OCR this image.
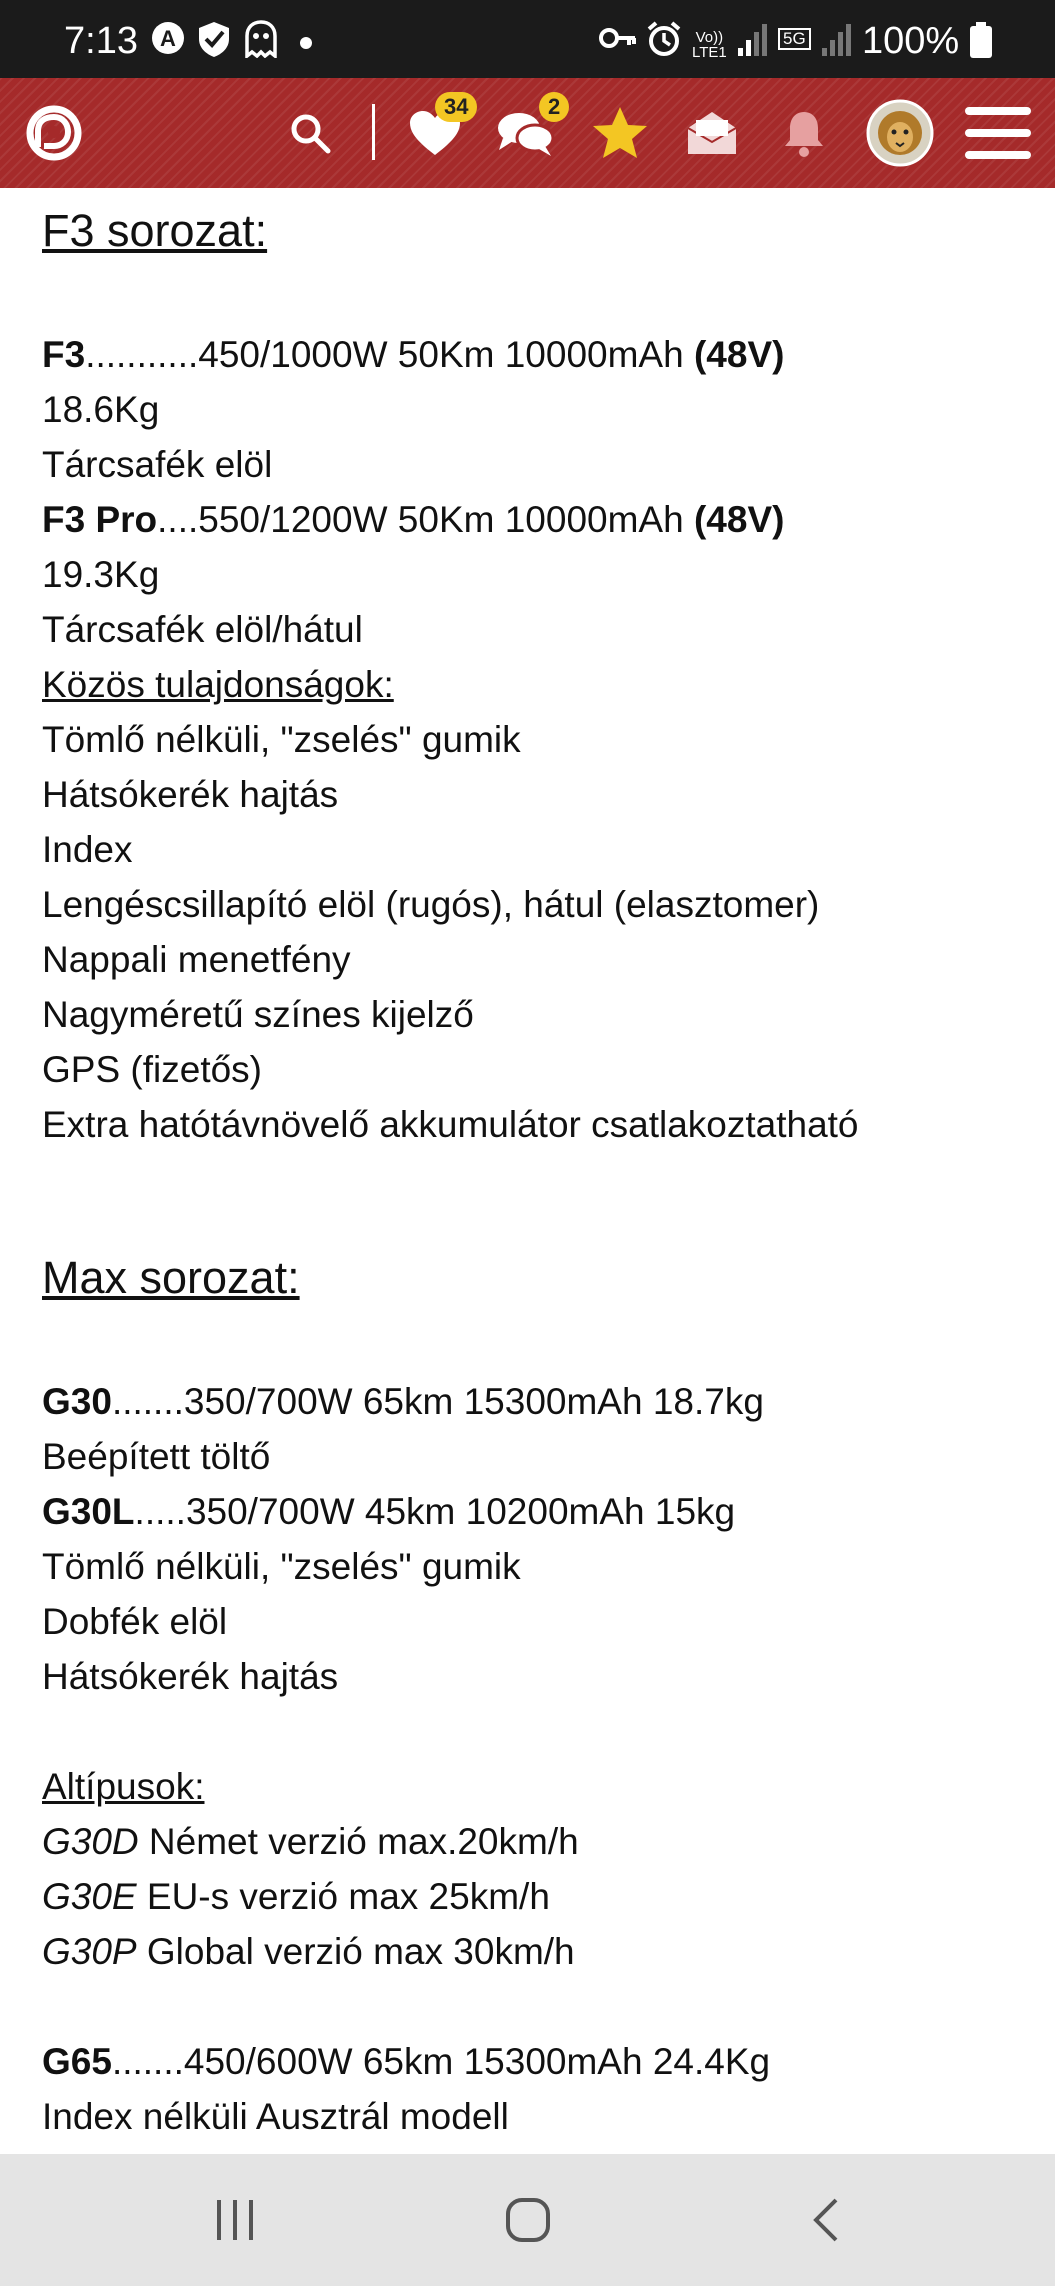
7:13 A	Vo))
LTE1
5G 100%
34	2
F3 sorozat:
F3...........450/1000W 50Km 10000mAh (48V)
18.6Kg
Tárcsafék elöl
F3 Pro....550/1200W 50Km 10000mAh (48V)
19.3Kg
Tárcsafék elöl/hátul
Közös tulajdonságok:
Tömlő nélküli, "zselés" gumik
Hátsókerék hajtás
Index
Lengéscsillapító elöl (rugós), hátul (elasztomer)
Nappali menetfény
Nagyméretű színes kijelző
GPS (fizetős)
Extra hatótávnövelő akkumulátor csatlakoztatható
Max sorozat:
G30.......350/700W 65km 15300mAh 18.7kg
Beépített töltő
G30L.....350/700W 45km 10200mAh 15kg
Tömlő nélküli, "zselés" gumik
Dobfék elöl
Hátsókerék hajtás
Altípusok:
G30D Német verzió max.20km/h
G30E EU-s verzió max 25km/h
G30P Global verzió max 30km/h
G65.......450/600W 65km 15300mAh 24.4Kg
Index nélküli Ausztrál modell
